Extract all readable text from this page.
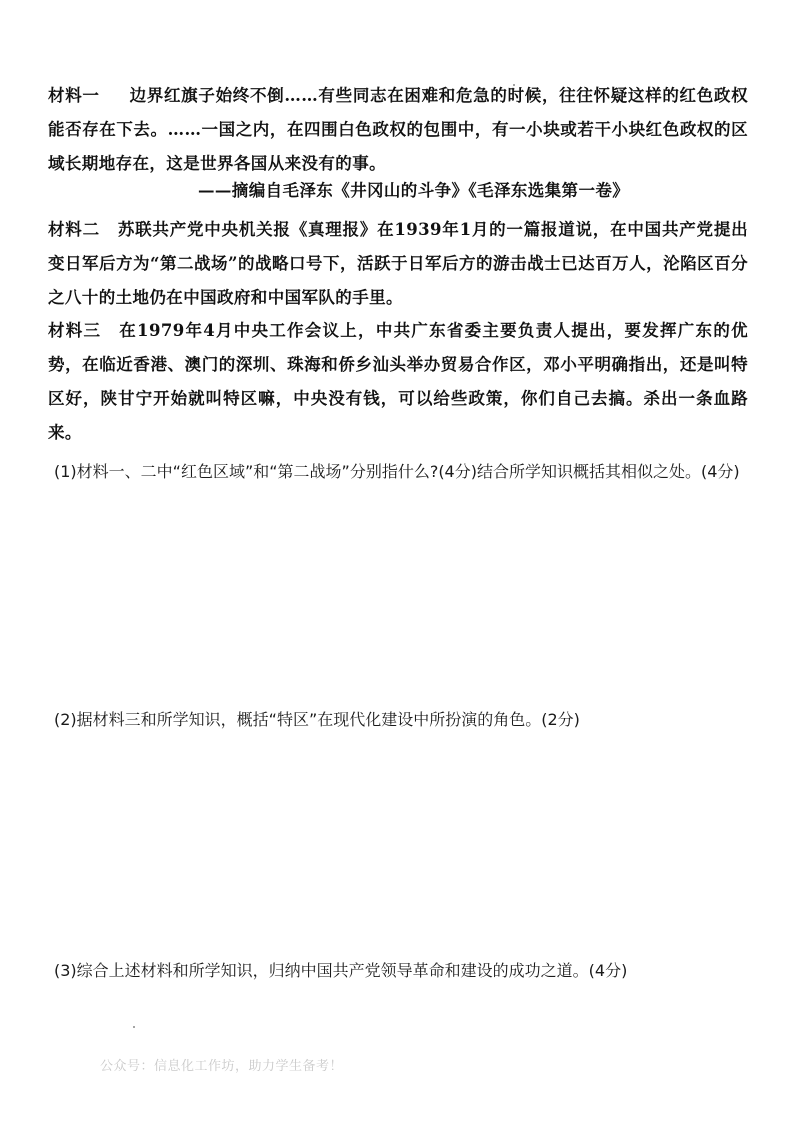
材料一 边界红旗子始终不倒……有些同志在困难和危急的时候，往往怀疑这样的红色政权能否存在下去。……一国之内，在四围白色政权的包围中，有一小块或若干小块红色政权的区域长期地存在，这是世界各国从来没有的事。
——摘编自毛泽东《井冈山的斗争》《毛泽东选集第一卷》
材料二 苏联共产党中央机关报《真理报》在1939年1月的一篇报道说，在中国共产党提出变日军后方为“第二战场”的战略口号下，活跃于日军后方的游击战士已达百万人，沦陷区百分之八十的土地仍在中国政府和中国军队的手里。
材料三 在1979年4月中央工作会议上，中共广东省委主要负责人提出，要发挥广东的优势，在临近香港、澳门的深圳、珠海和侨乡汕头举办贸易合作区，邓小平明确指出，还是叫特区好，陕甘宁开始就叫特区嘛，中央没有钱，可以给些政策，你们自己去搞。杀出一条血路来。
(1)材料一、二中“红色区域”和“第二战场”分别指什么?(4分)结合所学知识概括其相似之处。(4分)
(2)据材料三和所学知识，概括“特区”在现代化建设中所扮演的角色。(2分)
(3)综合上述材料和所学知识，归纳中国共产党领导革命和建设的成功之道。(4分)
公众号：信息化工作坊，助力学生备考！
